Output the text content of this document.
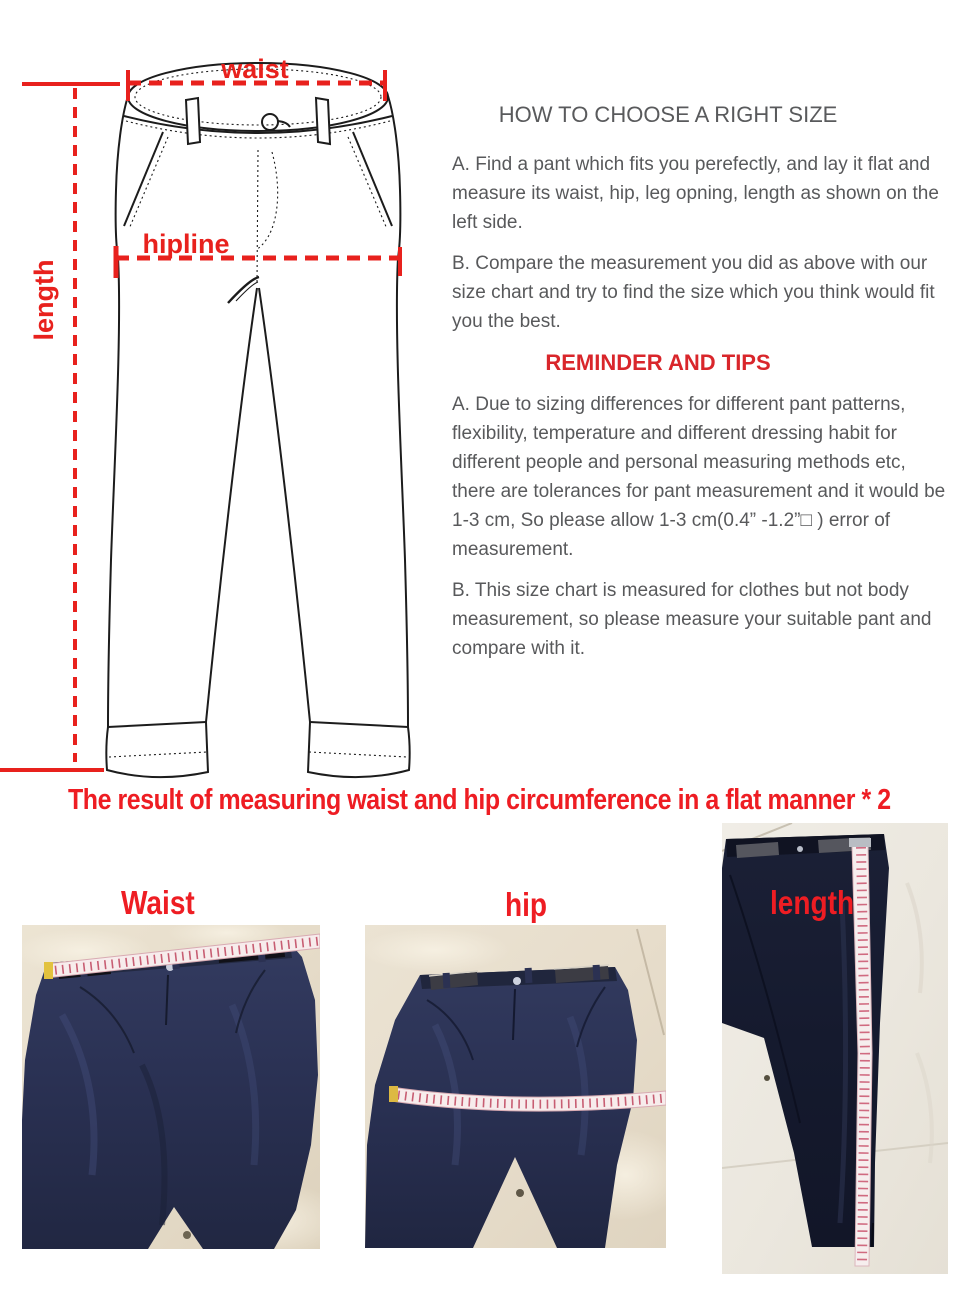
waist
hipline
length
HOW TO CHOOSE A RIGHT SIZE

A. Find a pant which fits you perefectly, and lay it flat and measure its waist, hip, leg opning, length as shown on the left side.

B. Compare the measurement you did as above with our  size chart and try to find the size which you think would fit you the best.

REMINDER AND TIPS

A. Due to sizing differences for different pant patterns, flexibility, temperature and different dressing habit for different people and personal measuring methods etc, there are tolerances for pant measurement and it would be 1-3 cm, So please allow 1-3 cm(0.4” -1.2”□ ) error of measurement.

B. This size chart is measured for clothes but not body measurement, so please measure your suitable pant and compare with it.

The result of measuring waist and hip circumference in a flat manner * 2
Waist	hip	length
